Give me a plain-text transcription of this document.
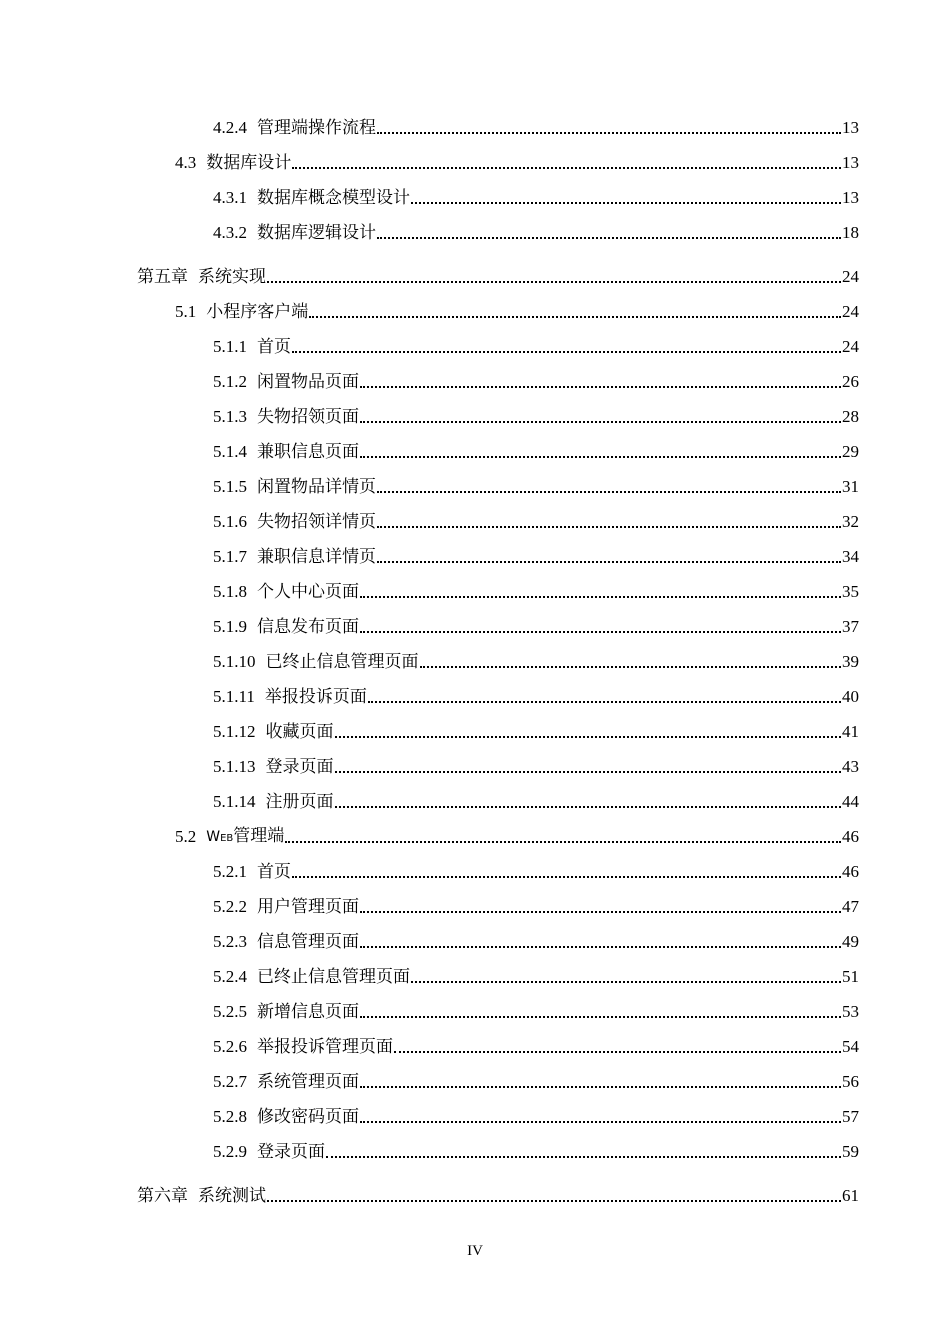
4.2.4 管理端操作流程	13
4.3 数据库设计	13
4.3.1 数据库概念模型设计	13
4.3.2 数据库逻辑设计	18
第五章 系统实现	24
5.1 小程序客户端	24
5.1.1 首页	24
5.1.2 闲置物品页面	26
5.1.3 失物招领页面	28
5.1.4 兼职信息页面	29
5.1.5 闲置物品详情页	31
5.1.6 失物招领详情页	32
5.1.7 兼职信息详情页	34
5.1.8 个人中心页面	35
5.1.9 信息发布页面	37
5.1.10 已终止信息管理页面	39
5.1.11 举报投诉页面	40
5.1.12 收藏页面	41
5.1.13 登录页面	43
5.1.14 注册页面	44
5.2 Web管理端	46
5.2.1 首页	46
5.2.2 用户管理页面	47
5.2.3 信息管理页面	49
5.2.4 已终止信息管理页面	51
5.2.5 新增信息页面	53
5.2.6 举报投诉管理页面	54
5.2.7 系统管理页面	56
5.2.8 修改密码页面	57
5.2.9 登录页面	59
第六章 系统测试	61
IV
